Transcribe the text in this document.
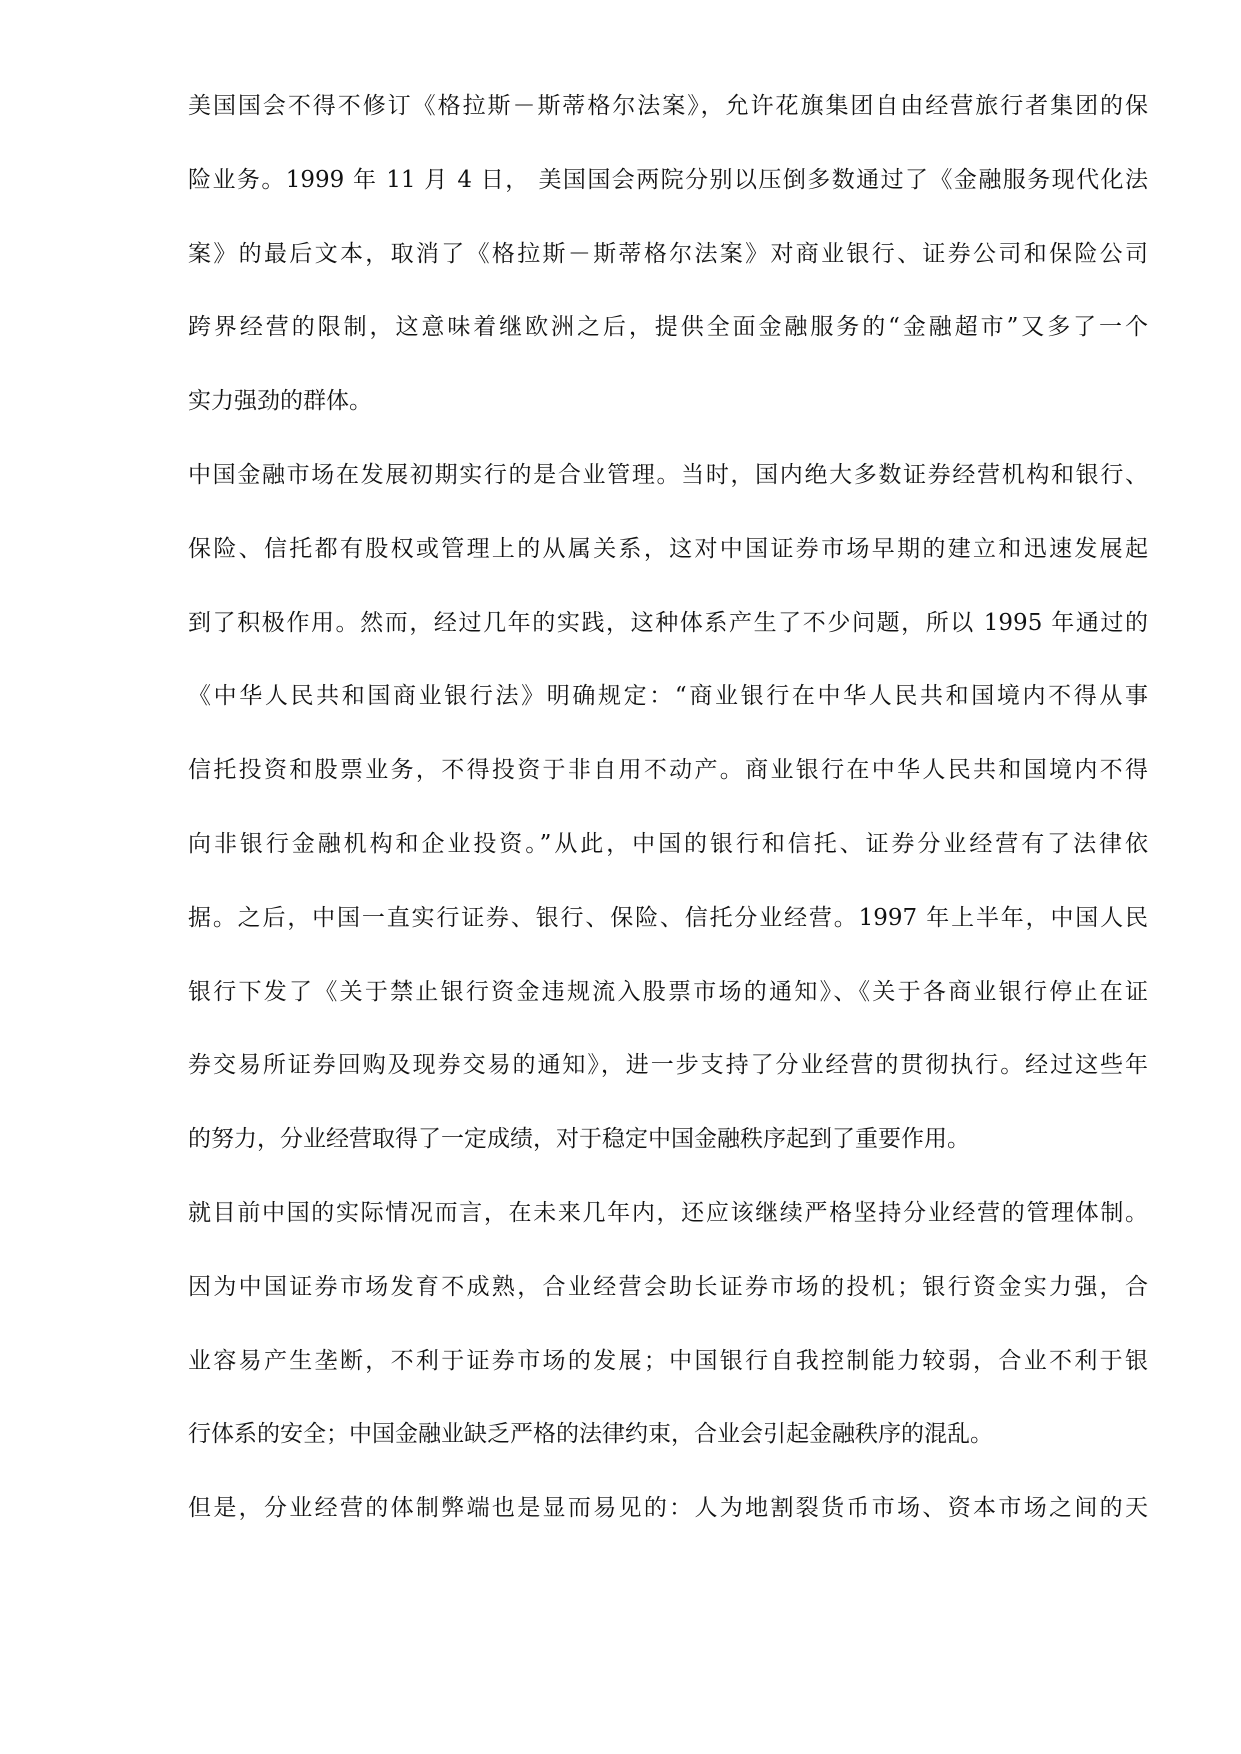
美国国会不得不修订《格拉斯－斯蒂格尔法案》，允许花旗集团自由经营旅行者集团的保
险业务。1999 年 11 月 4 日， 美国国会两院分别以压倒多数通过了《金融服务现代化法
案》的最后文本，取消了《格拉斯－斯蒂格尔法案》对商业银行、证券公司和保险公司
跨界经营的限制，这意味着继欧洲之后，提供全面金融服务的“金融超市”又多了一个
实力强劲的群体。
中国金融市场在发展初期实行的是合业管理。当时，国内绝大多数证券经营机构和银行、
保险、信托都有股权或管理上的从属关系，这对中国证券市场早期的建立和迅速发展起
到了积极作用。然而，经过几年的实践，这种体系产生了不少问题，所以 1995 年通过的
《中华人民共和国商业银行法》明确规定：“商业银行在中华人民共和国境内不得从事
信托投资和股票业务，不得投资于非自用不动产。商业银行在中华人民共和国境内不得
向非银行金融机构和企业投资。”从此，中国的银行和信托、证券分业经营有了法律依
据。之后，中国一直实行证券、银行、保险、信托分业经营。1997 年上半年，中国人民
银行下发了《关于禁止银行资金违规流入股票市场的通知》、《关于各商业银行停止在证
券交易所证券回购及现券交易的通知》，进一步支持了分业经营的贯彻执行。经过这些年
的努力，分业经营取得了一定成绩，对于稳定中国金融秩序起到了重要作用。
就目前中国的实际情况而言，在未来几年内，还应该继续严格坚持分业经营的管理体制。
因为中国证券市场发育不成熟，合业经营会助长证券市场的投机；银行资金实力强，合
业容易产生垄断，不利于证券市场的发展；中国银行自我控制能力较弱，合业不利于银
行体系的安全；中国金融业缺乏严格的法律约束，合业会引起金融秩序的混乱。
但是，分业经营的体制弊端也是显而易见的：人为地割裂货币市场、资本市场之间的天
